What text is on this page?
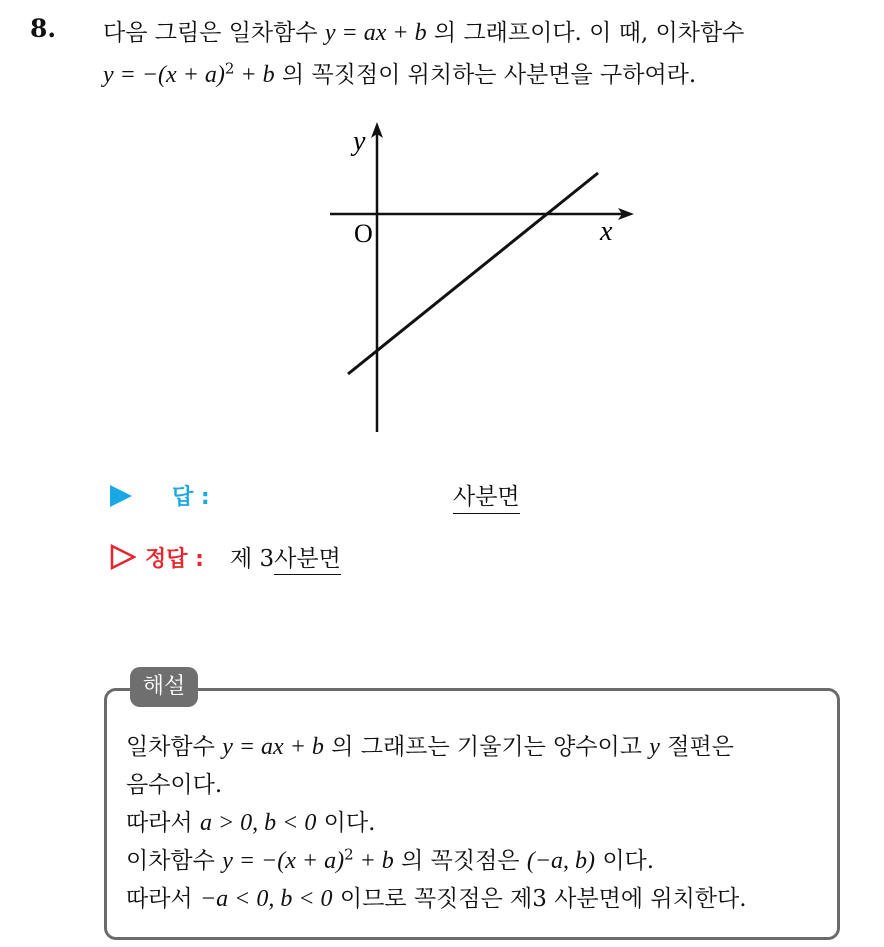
8. 다음 그림은 일차함수 y = ax + b 의 그래프이다. 이 때, 이차함수
$y = -(x + a)^2 + b$ 의 꼭짓점이 위치하는 사분면을 구하여라.
y
x
O
답 :	사분면
정답 : 제 3사분면
해설
일차함수 y = ax + b 의 그래프는 기울기는 양수이고 y 절편은
음수이다.
따라서 a > 0, b < 0 이다.
이차함수 $y = -(x + a)^2 + b$ 의 꼭짓점은 (−a, b) 이다.
따라서 −a < 0, b < 0 이므로 꼭짓점은 제3 사분면에 위치한다.
